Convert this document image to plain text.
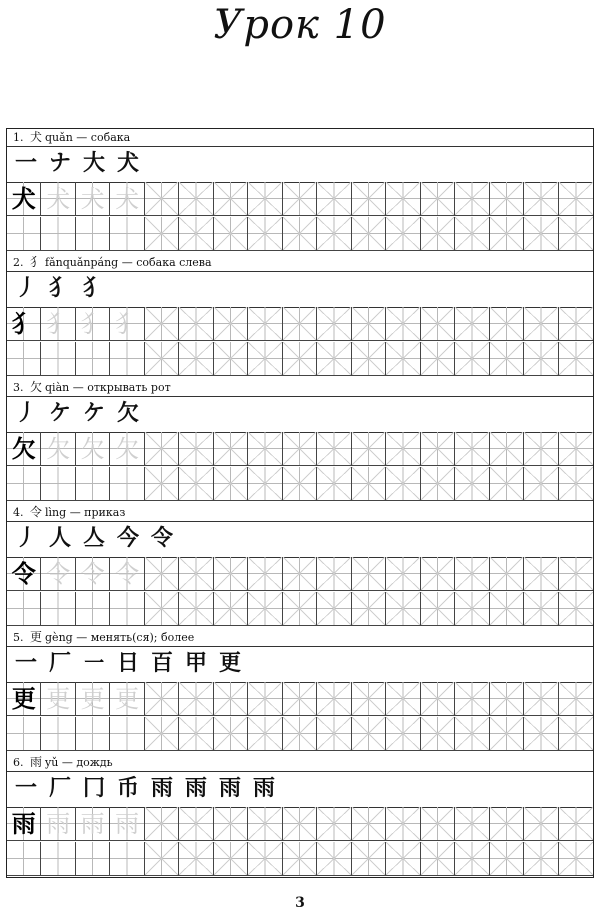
Урок 10
1. 犬 quǎn — собака
一 ナ 大 犬
犬 犬 犬 犬
2. 犭 fǎnquǎnpáng — собака слева
丿 犭 犭
犭 犭 犭 犭
3. 欠 qiàn — открывать рот
丿 ケ ケ 欠
欠 欠 欠 欠
4. 令 lìng — приказ
丿 人 亼 今 令
令 令 令 令
5. 更 gèng — менять(ся); более
一 厂 ㇐ 日 百 甲 更
更 更 更 更
6. 雨 yǔ — дождь
一 厂 冂 币 雨 雨 雨 雨
雨 雨 雨 雨
3
